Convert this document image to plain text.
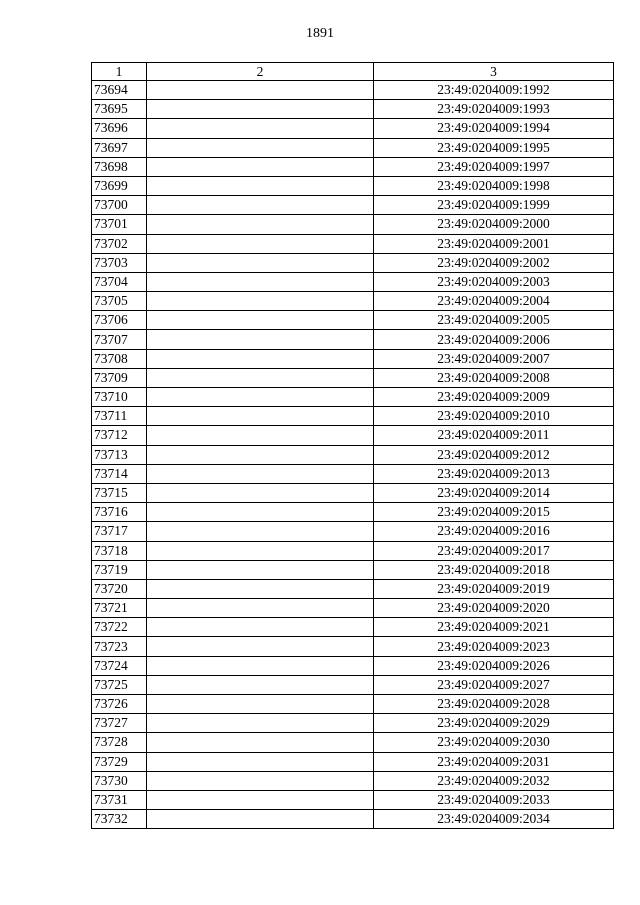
1891
1	2	3
73694		23:49:0204009:1992
73695		23:49:0204009:1993
73696		23:49:0204009:1994
73697		23:49:0204009:1995
73698		23:49:0204009:1997
73699		23:49:0204009:1998
73700		23:49:0204009:1999
73701		23:49:0204009:2000
73702		23:49:0204009:2001
73703		23:49:0204009:2002
73704		23:49:0204009:2003
73705		23:49:0204009:2004
73706		23:49:0204009:2005
73707		23:49:0204009:2006
73708		23:49:0204009:2007
73709		23:49:0204009:2008
73710		23:49:0204009:2009
73711		23:49:0204009:2010
73712		23:49:0204009:2011
73713		23:49:0204009:2012
73714		23:49:0204009:2013
73715		23:49:0204009:2014
73716		23:49:0204009:2015
73717		23:49:0204009:2016
73718		23:49:0204009:2017
73719		23:49:0204009:2018
73720		23:49:0204009:2019
73721		23:49:0204009:2020
73722		23:49:0204009:2021
73723		23:49:0204009:2023
73724		23:49:0204009:2026
73725		23:49:0204009:2027
73726		23:49:0204009:2028
73727		23:49:0204009:2029
73728		23:49:0204009:2030
73729		23:49:0204009:2031
73730		23:49:0204009:2032
73731		23:49:0204009:2033
73732		23:49:0204009:2034
